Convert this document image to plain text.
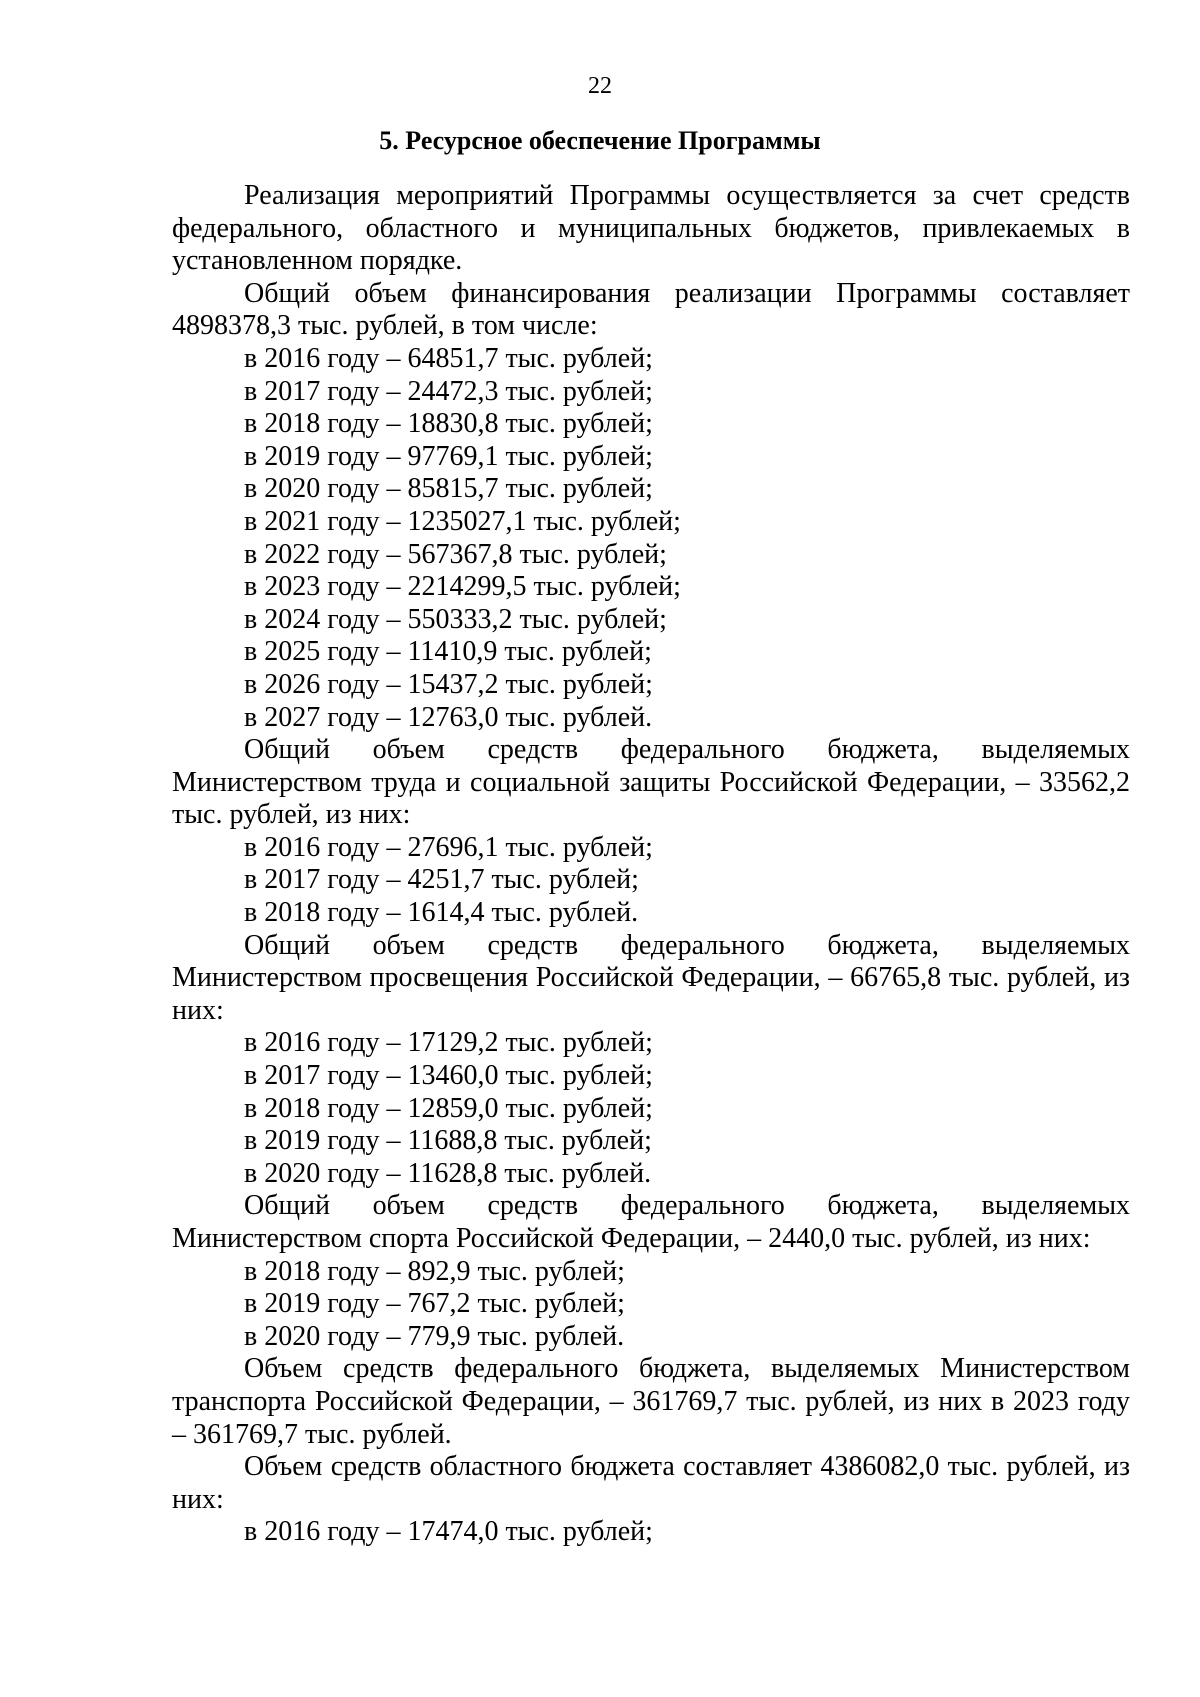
22
5. Ресурсное обеспечение Программы

Реализация мероприятий Программы осуществляется за счет средств федерального, областного и муниципальных бюджетов, привлекаемых в установленном порядке.

Общий объем финансирования реализации Программы составляет 4898378,3 тыс. рублей, в том числе:

в 2016 году – 64851,7 тыс. рублей;

в 2017 году – 24472,3 тыс. рублей;

в 2018 году – 18830,8 тыс. рублей;

в 2019 году – 97769,1 тыс. рублей;

в 2020 году – 85815,7 тыс. рублей;

в 2021 году – 1235027,1 тыс. рублей;

в 2022 году – 567367,8 тыс. рублей;

в 2023 году – 2214299,5 тыс. рублей;

в 2024 году – 550333,2 тыс. рублей;

в 2025 году – 11410,9 тыс. рублей;

в 2026 году – 15437,2 тыс. рублей;

в 2027 году – 12763,0 тыс. рублей.

Общий объем средств федерального бюджета, выделяемых Министерством труда и социальной защиты Российской Федерации, – 33562,2 тыс. рублей, из них:

в 2016 году – 27696,1 тыс. рублей;

в 2017 году – 4251,7 тыс. рублей;

в 2018 году – 1614,4 тыс. рублей.

Общий объем средств федерального бюджета, выделяемых Министерством просвещения Российской Федерации, – 66765,8 тыс. рублей, из них:

в 2016 году – 17129,2 тыс. рублей;

в 2017 году – 13460,0 тыс. рублей;

в 2018 году – 12859,0 тыс. рублей;

в 2019 году – 11688,8 тыс. рублей;

в 2020 году – 11628,8 тыс. рублей.

Общий объем средств федерального бюджета, выделяемых Министерством спорта Российской Федерации, – 2440,0 тыс. рублей, из них:

в 2018 году – 892,9 тыс. рублей;

в 2019 году – 767,2 тыс. рублей;

в 2020 году – 779,9 тыс. рублей.

Объем средств федерального бюджета, выделяемых Министерством транспорта Российской Федерации, – 361769,7 тыс. рублей, из них в 2023 году – 361769,7 тыс. рублей.

Объем средств областного бюджета составляет 4386082,0 тыс. рублей, из них:

в 2016 году – 17474,0 тыс. рублей;
